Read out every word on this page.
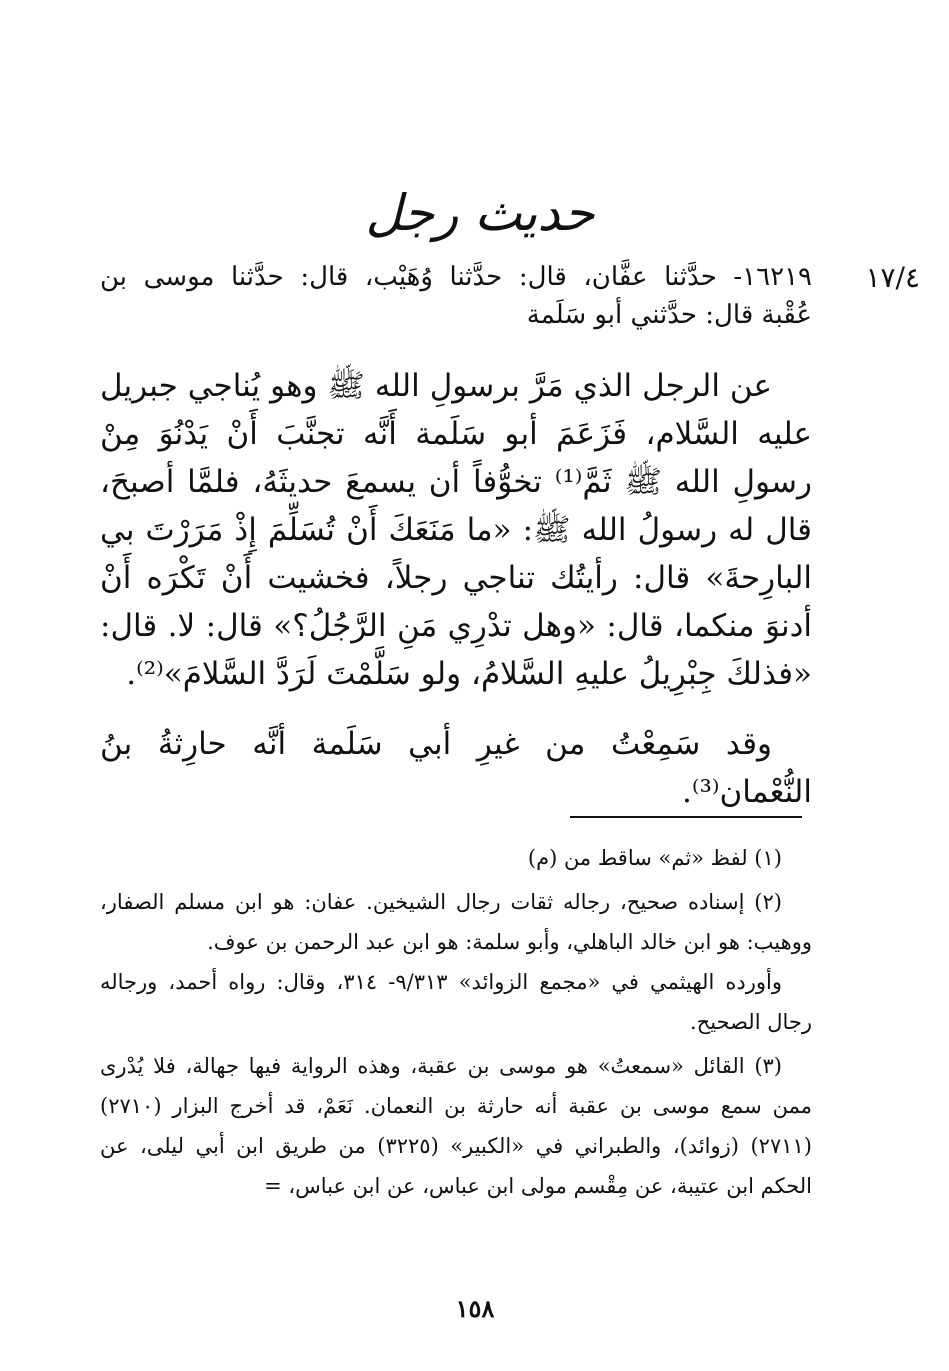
حديث رجل
١٧/٤
١٦٢١٩- حدَّثنا عفَّان، قال: حدَّثنا وُهَيْب، قال: حدَّثنا موسى بن
عُقْبة قال: حدَّثني أبو سَلَمة

عن الرجل الذي مَرَّ برسولِ الله ﷺ وهو يُناجي جبريل عليه السَّلام، فَزَعَمَ أبو سَلَمة أَنَّه تجنَّبَ أَنْ يَدْنُوَ مِنْ رسولِ الله ﷺ ثَمَّ⁽¹⁾ تخوُّفاً أن يسمعَ حديثَهُ، فلمَّا أصبحَ، قال له رسولُ الله ﷺ: «ما مَنَعَكَ أَنْ تُسَلِّمَ إِذْ مَرَرْتَ بي البارِحةَ» قال: رأيتُك تناجي رجلاً، فخشيت أَنْ تَكْرَه أَنْ أدنوَ منكما، قال: «وهل تدْرِي مَنِ الرَّجُلُ؟» قال: لا. قال: «فذلكَ جِبْرِيلُ عليهِ السَّلامُ، ولو سَلَّمْتَ لَرَدَّ السَّلامَ»⁽²⁾.

وقد سَمِعْتُ من غيرِ أبي سَلَمة أنَّه حارِثةُ بنُ النُّعْمان⁽³⁾.

(١) لفظ «ثم» ساقط من (م)

(٢) إسناده صحيح، رجاله ثقات رجال الشيخين. عفان: هو ابن مسلم الصفار، ووهيب: هو ابن خالد الباهلي، وأبو سلمة: هو ابن عبد الرحمن بن عوف.

وأورده الهيثمي في «مجمع الزوائد» ٩/٣١٣- ٣١٤، وقال: رواه أحمد، ورجاله رجال الصحيح.

(٣) القائل «سمعتُ» هو موسى بن عقبة، وهذه الرواية فيها جهالة، فلا يُدْرى ممن سمع موسى بن عقبة أنه حارثة بن النعمان. نَعَمْ، قد أخرج البزار (٢٧١٠) (٢٧١١) (زوائد)، والطبراني في «الكبير» (٣٢٢٥) من طريق ابن أبي ليلى، عن الحكم ابن عتيبة، عن مِقْسم مولى ابن عباس، عن ابن عباس، =

١٥٨
